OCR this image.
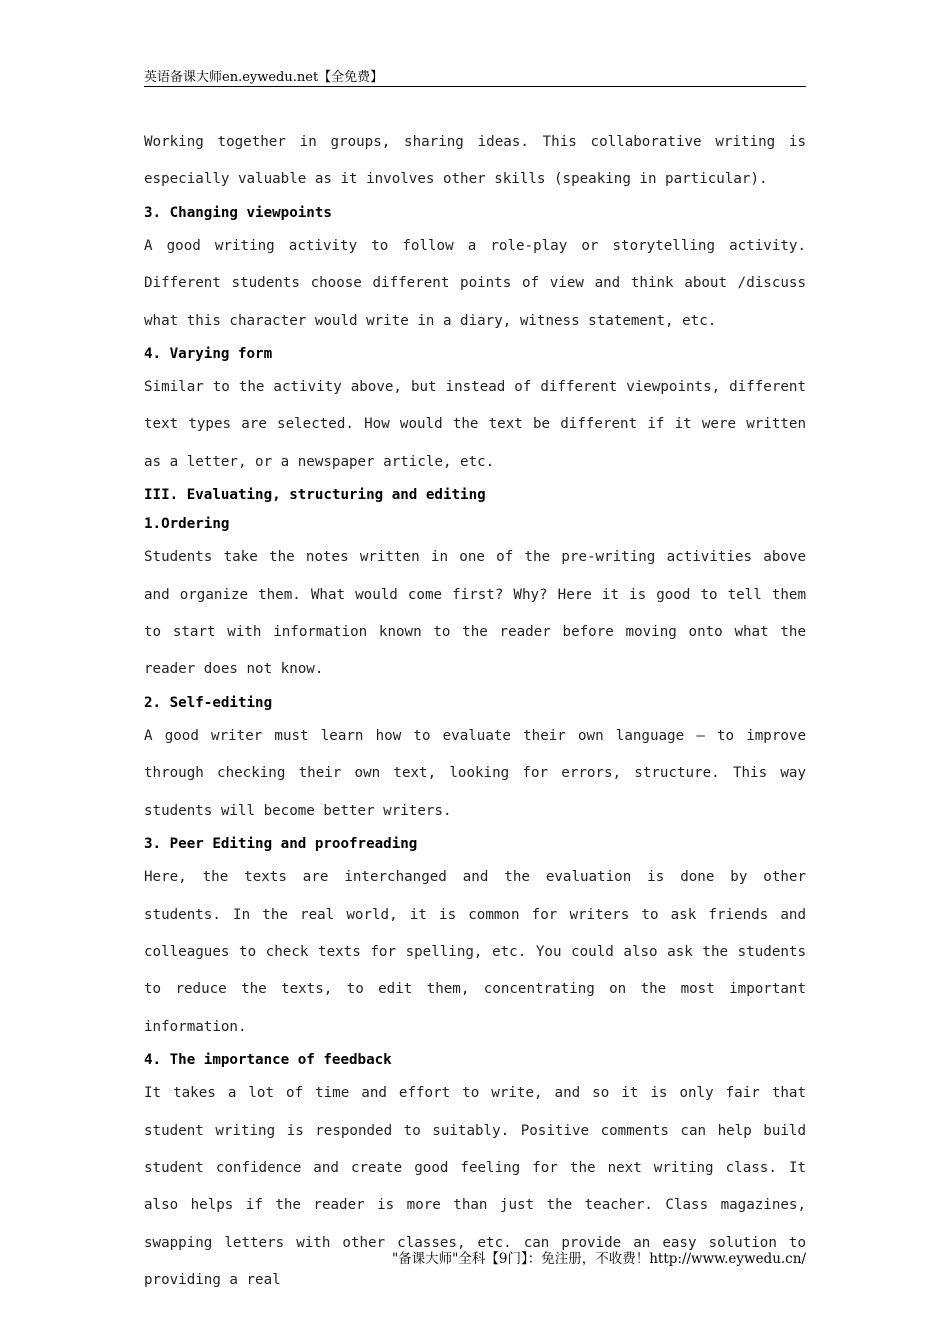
英语备课大师en.eywedu.net【全免费】

Working together in groups, sharing ideas. This collaborative writing is especially valuable as it involves other skills (speaking in particular).

3. Changing viewpoints

A good writing activity to follow a role-play or storytelling activity. Different students choose different points of view and think about /discuss what this character would write in a diary, witness statement, etc.

4. Varying form

Similar to the activity above, but instead of different viewpoints, different text types are selected. How would the text be different if it were written as a letter, or a newspaper article, etc.

III. Evaluating, structuring and editing

1.Ordering

Students take the notes written in one of the pre-writing activities above and organize them. What would come first? Why? Here it is good to tell them to start with information known to the reader before moving onto what the reader does not know.

2. Self-editing

A good writer must learn how to evaluate their own language — to improve through checking their own text, looking for errors, structure. This way students will become better writers.

3. Peer Editing and proofreading

Here, the texts are interchanged and the evaluation is done by other students. In the real world, it is common for writers to ask friends and colleagues to check texts for spelling, etc. You could also ask the students to reduce the texts, to edit them, concentrating on the most important information.

4. The importance of feedback

It takes a lot of time and effort to write, and so it is only fair that student writing is responded to suitably. Positive comments can help build student confidence and create good feeling for the next writing class. It also helps if the reader is more than just the teacher. Class magazines, swapping letters with other classes, etc. can provide an easy solution to providing a real

"备课大师"全科【9门】：免注册，不收费！http://www.eywedu.cn/
